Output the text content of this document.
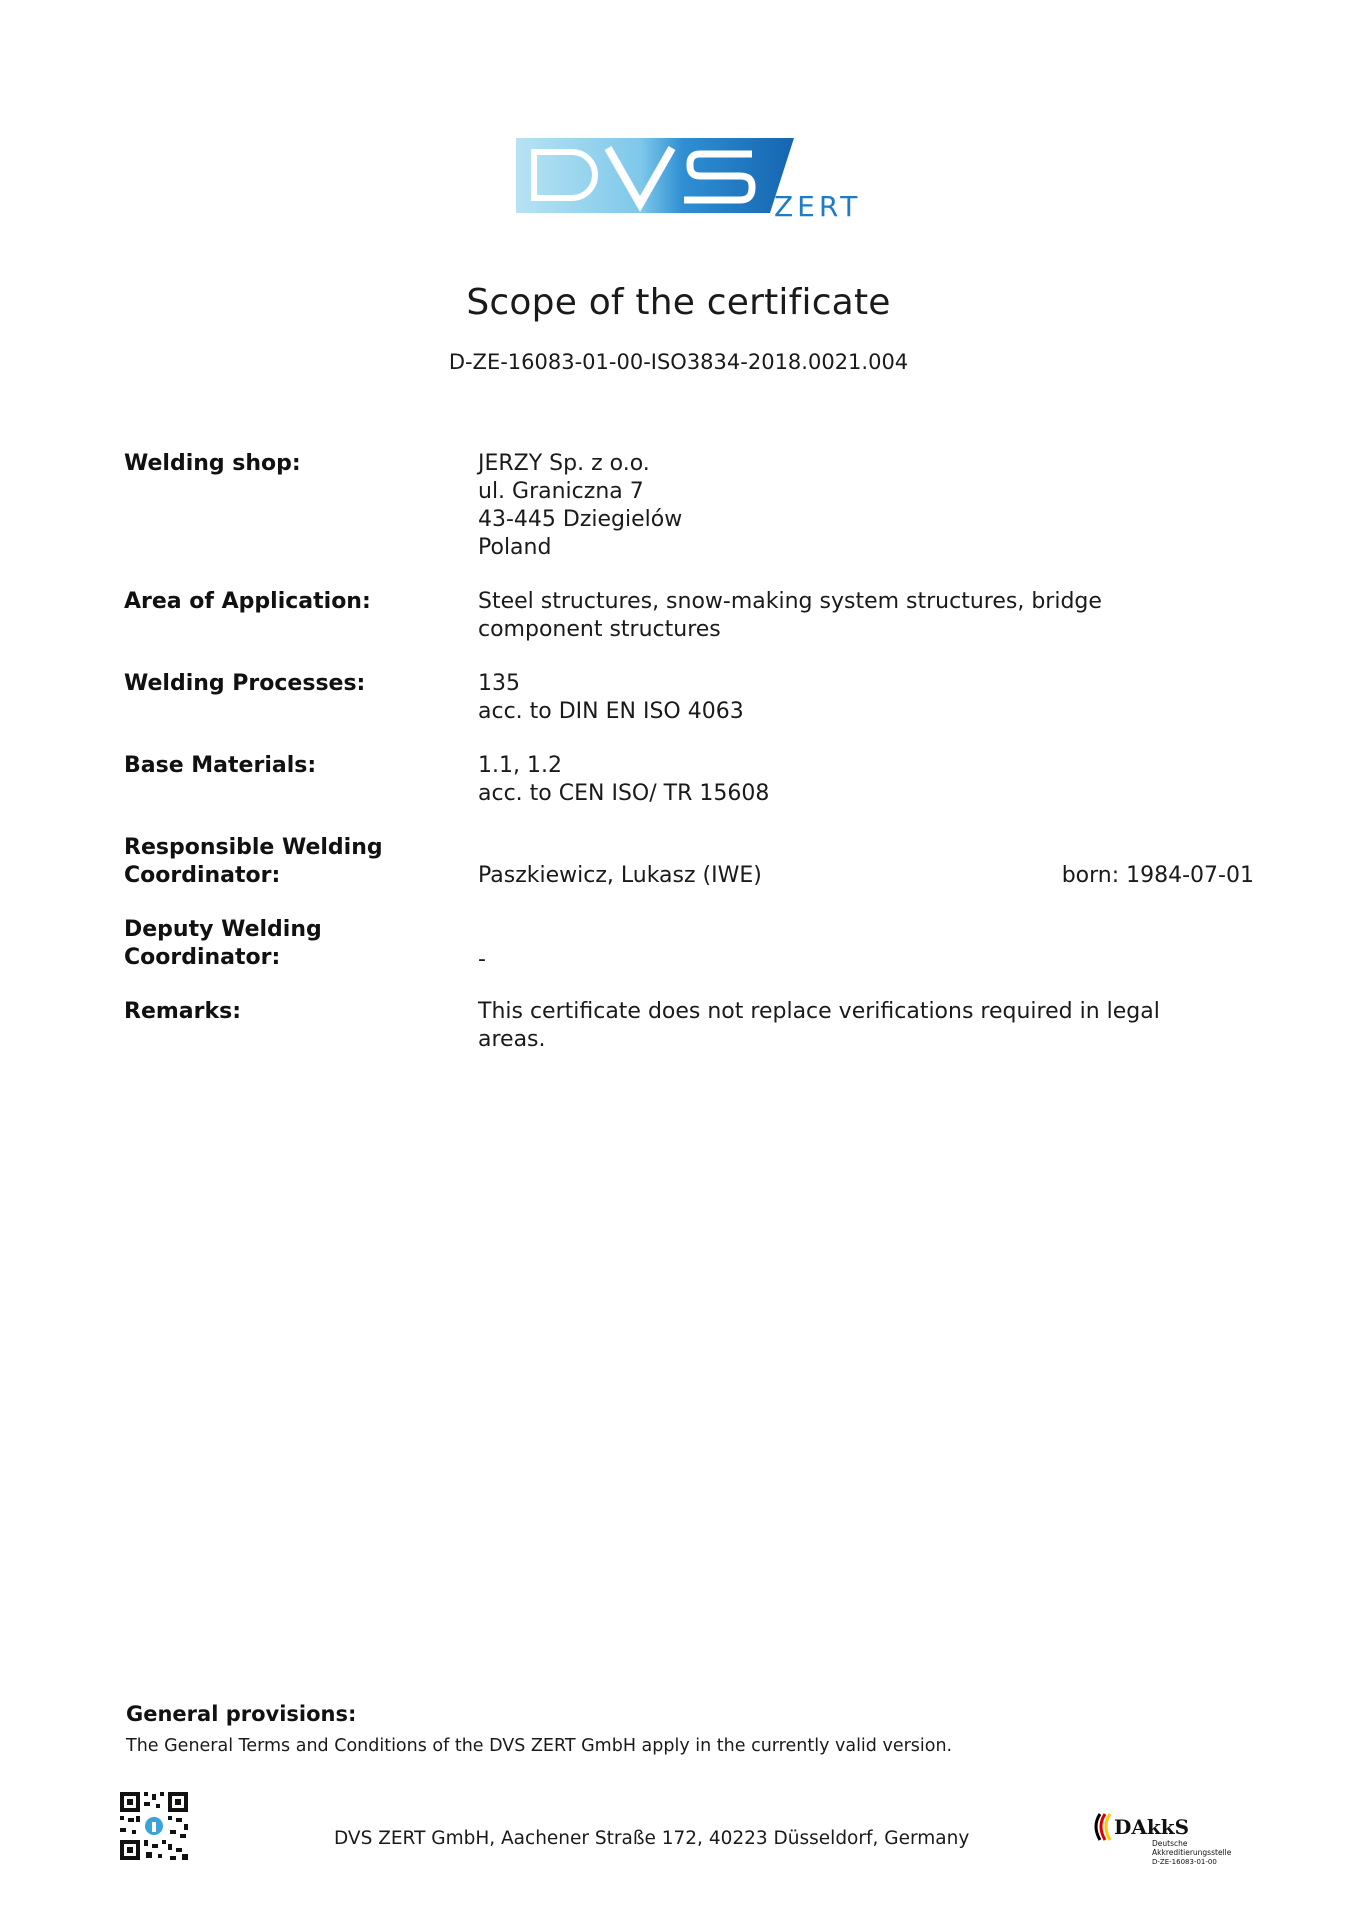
ZERT
Scope of the certificate
D-ZE-16083-01-00-ISO3834-2018.0021.004
Welding shop:	JERZY Sp. z o.o.
ul. Graniczna 7
43-445 Dziegielów
Poland
Area of Application:	Steel structures, snow-making system structures, bridge
component structures
Welding Processes:	135
acc. to DIN EN ISO 4063
Base Materials:	1.1, 1.2
acc. to CEN ISO/ TR 15608
Responsible Welding
Coordinator:	Paszkiewicz, Lukasz (IWE)	born: 1984-07-01
Deputy Welding
Coordinator:	-
Remarks:	This certificate does not replace verifications required in legal
areas.
General provisions:
The General Terms and Conditions of the DVS ZERT GmbH apply in the currently valid version.
DVS ZERT GmbH, Aachener Straße 172, 40223 Düsseldorf, Germany	DAkkS
Deutsche
Akkreditierungsstelle
D-ZE-16083-01-00
